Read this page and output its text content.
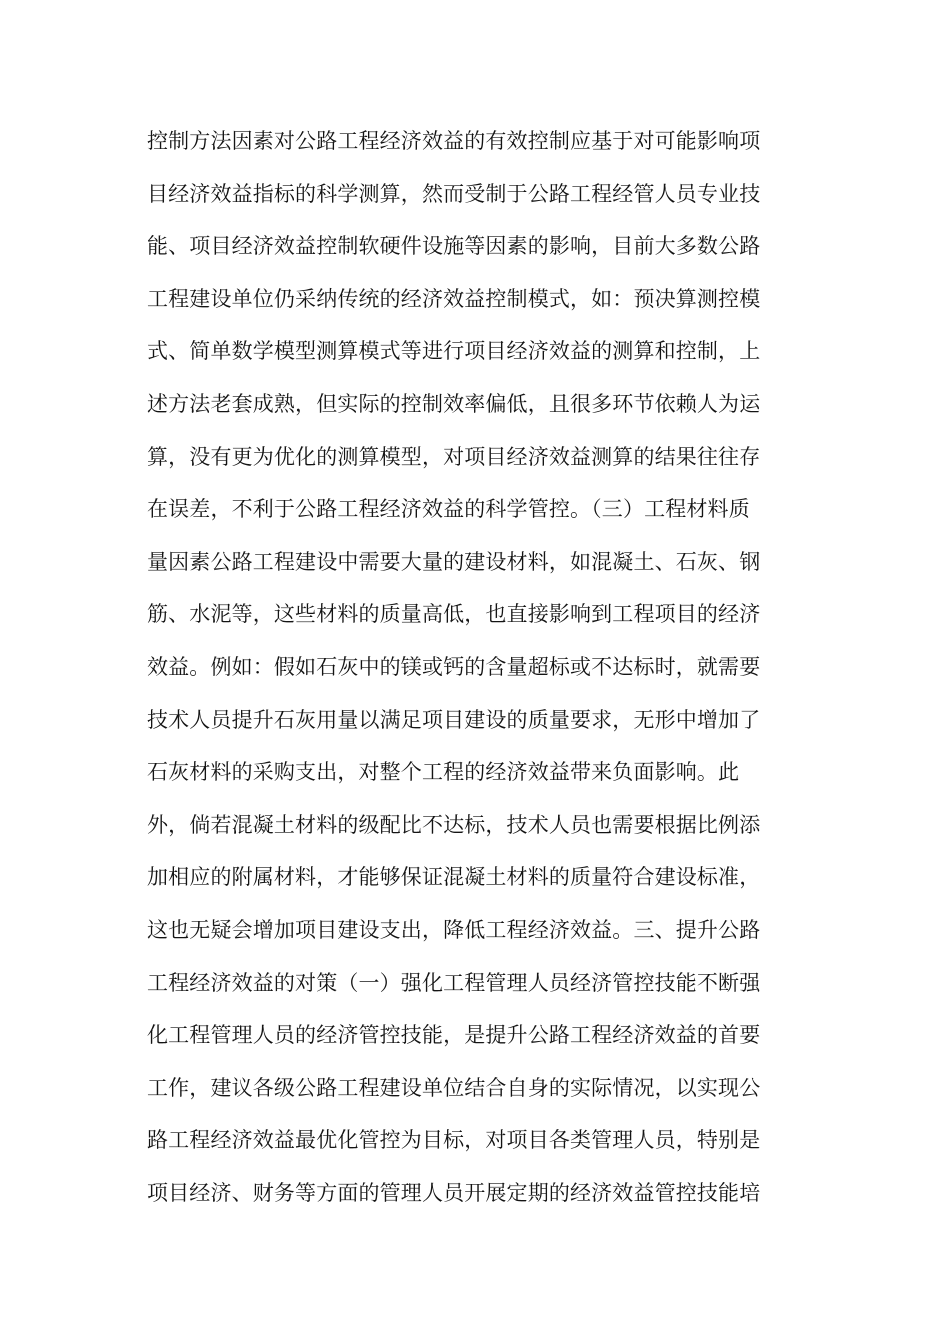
控制方法因素对公路工程经济效益的有效控制应基于对可能影响项
目经济效益指标的科学测算，然而受制于公路工程经管人员专业技
能、项目经济效益控制软硬件设施等因素的影响，目前大多数公路
工程建设单位仍采纳传统的经济效益控制模式，如：预决算测控模
式、简单数学模型测算模式等进行项目经济效益的测算和控制，上
述方法老套成熟，但实际的控制效率偏低，且很多环节依赖人为运
算，没有更为优化的测算模型，对项目经济效益测算的结果往往存
在误差，不利于公路工程经济效益的科学管控。（三）工程材料质
量因素公路工程建设中需要大量的建设材料，如混凝土、石灰、钢
筋、水泥等，这些材料的质量高低，也直接影响到工程项目的经济
效益。例如：假如石灰中的镁或钙的含量超标或不达标时，就需要
技术人员提升石灰用量以满足项目建设的质量要求，无形中增加了
石灰材料的采购支出，对整个工程的经济效益带来负面影响。此
外，倘若混凝土材料的级配比不达标，技术人员也需要根据比例添
加相应的附属材料，才能够保证混凝土材料的质量符合建设标准，
这也无疑会增加项目建设支出，降低工程经济效益。三、提升公路
工程经济效益的对策（一）强化工程管理人员经济管控技能不断强
化工程管理人员的经济管控技能，是提升公路工程经济效益的首要
工作，建议各级公路工程建设单位结合自身的实际情况，以实现公
路工程经济效益最优化管控为目标，对项目各类管理人员，特别是
项目经济、财务等方面的管理人员开展定期的经济效益管控技能培
